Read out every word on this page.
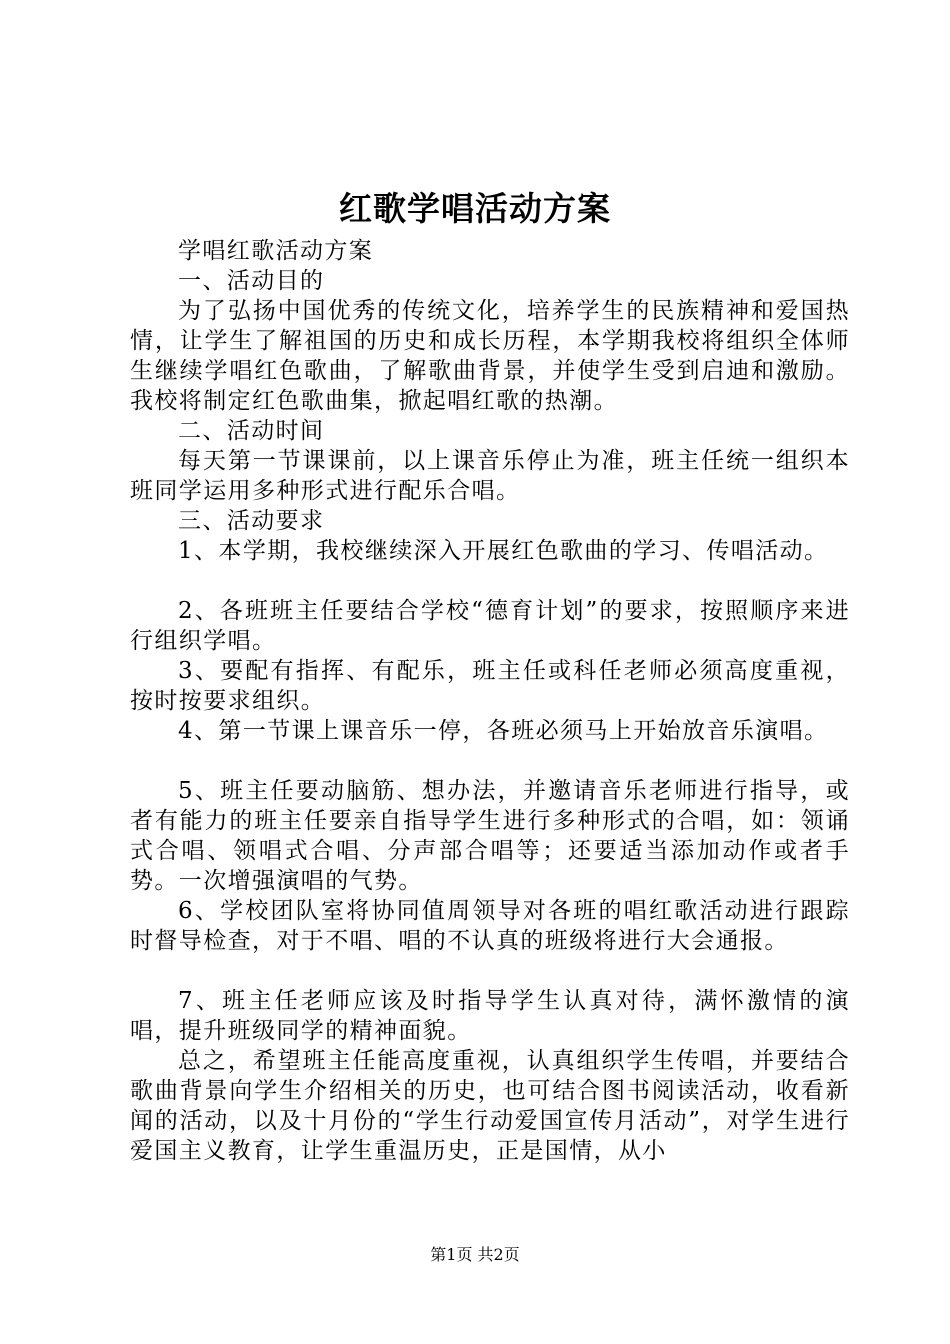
红歌学唱活动方案

学唱红歌活动方案

一、活动目的

为了弘扬中国优秀的传统文化，培养学生的民族精神和爱国热情，让学生了解祖国的历史和成长历程，本学期我校将组织全体师生继续学唱红色歌曲，了解歌曲背景，并使学生受到启迪和激励。我校将制定红色歌曲集，掀起唱红歌的热潮。

二、活动时间

每天第一节课课前，以上课音乐停止为准，班主任统一组织本班同学运用多种形式进行配乐合唱。

三、活动要求

1、本学期，我校继续深入开展红色歌曲的学习、传唱活动。

2、各班班主任要结合学校“德育计划”的要求，按照顺序来进行组织学唱。

3、要配有指挥、有配乐，班主任或科任老师必须高度重视，按时按要求组织。

4、第一节课上课音乐一停，各班必须马上开始放音乐演唱。

5、班主任要动脑筋、想办法，并邀请音乐老师进行指导，或者有能力的班主任要亲自指导学生进行多种形式的合唱，如：领诵式合唱、领唱式合唱、分声部合唱等；还要适当添加动作或者手势。一次增强演唱的气势。

6、学校团队室将协同值周领导对各班的唱红歌活动进行跟踪时督导检查，对于不唱、唱的不认真的班级将进行大会通报。

7、班主任老师应该及时指导学生认真对待，满怀激情的演唱，提升班级同学的精神面貌。

总之，希望班主任能高度重视，认真组织学生传唱，并要结合歌曲背景向学生介绍相关的历史，也可结合图书阅读活动，收看新闻的活动，以及十月份的“学生行动爱国宣传月活动”，对学生进行爱国主义教育，让学生重温历史，正是国情，从小

第1页 共2页
